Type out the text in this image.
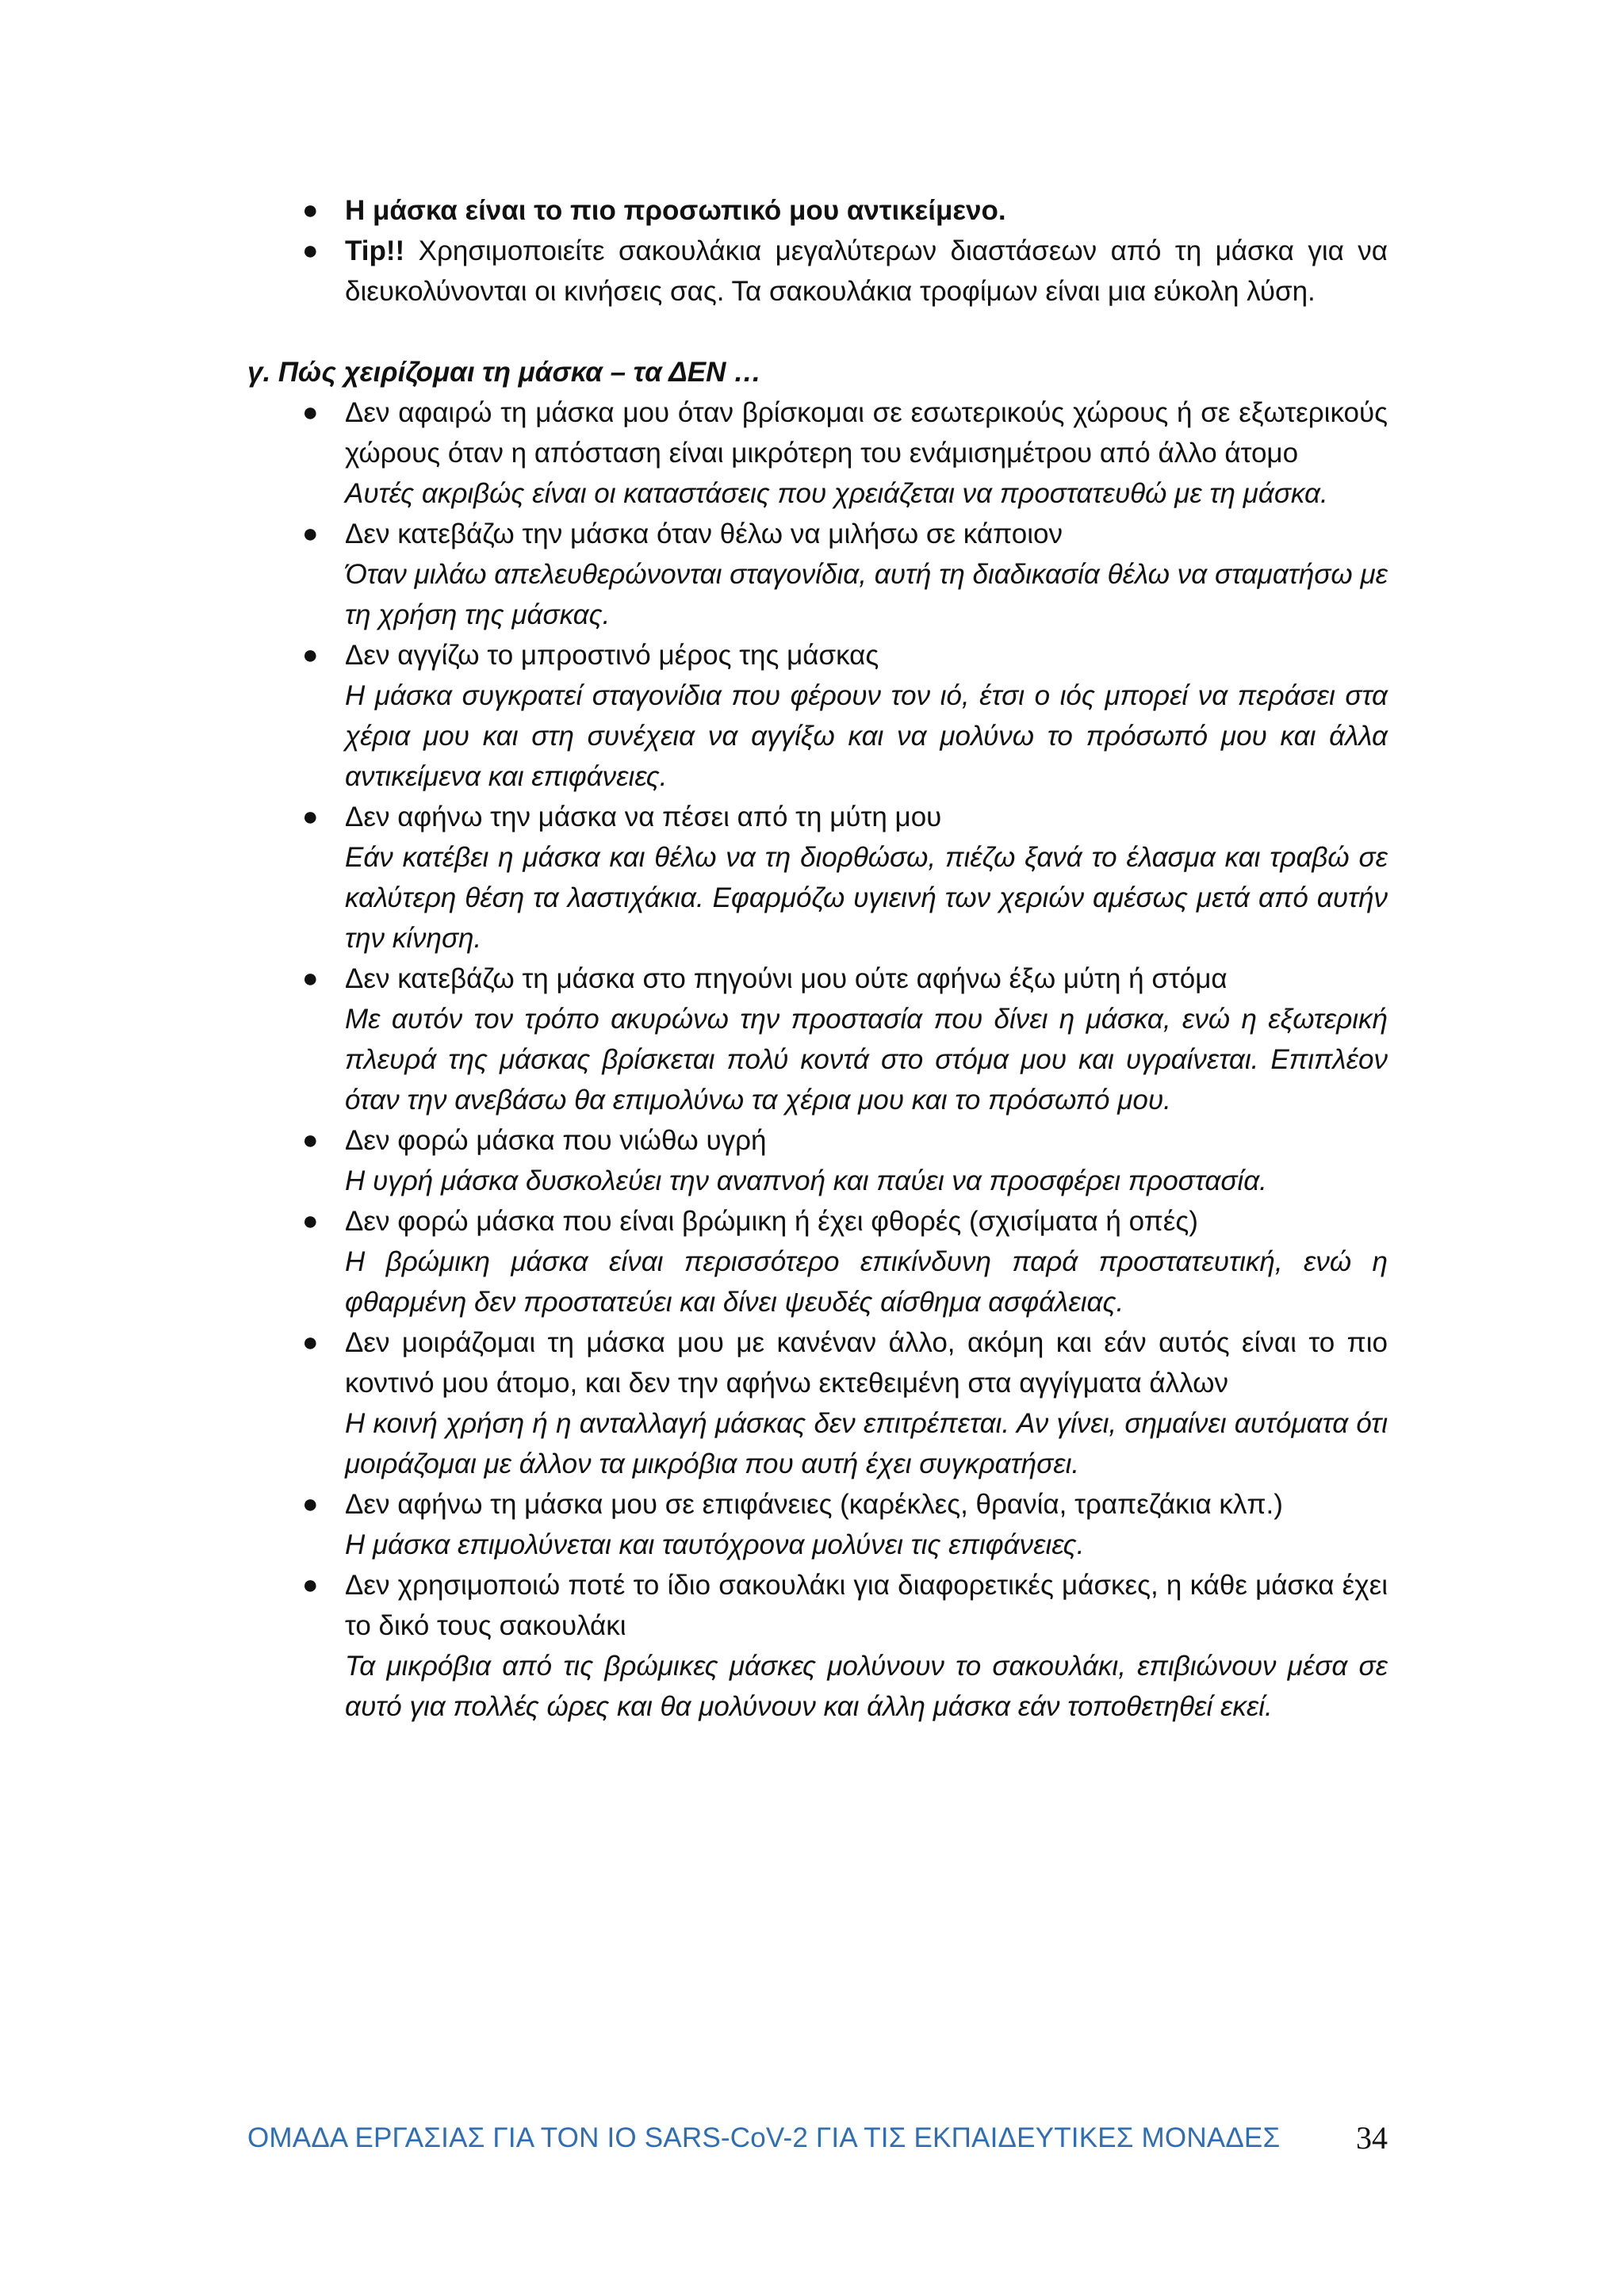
● Η μάσκα είναι το πιο προσωπικό μου αντικείμενο.
● Tip!! Χρησιμοποιείτε σακουλάκια μεγαλύτερων διαστάσεων από τη μάσκα για να διευκολύνονται οι κινήσεις σας. Τα σακουλάκια τροφίμων είναι μια εύκολη λύση.
γ. Πώς χειρίζομαι τη μάσκα – τα ΔΕΝ …
● Δεν αφαιρώ τη μάσκα μου όταν βρίσκομαι σε εσωτερικούς χώρους ή σε εξωτερικούς χώρους όταν η απόσταση είναι μικρότερη του ενάμισημέτρου από άλλο άτομο
Αυτές ακριβώς είναι οι καταστάσεις που χρειάζεται να προστατευθώ με τη μάσκα.
● Δεν κατεβάζω την μάσκα όταν θέλω να μιλήσω σε κάποιον
Όταν μιλάω απελευθερώνονται σταγονίδια, αυτή τη διαδικασία θέλω να σταματήσω με τη χρήση της μάσκας.
● Δεν αγγίζω το μπροστινό μέρος της μάσκας
Η μάσκα συγκρατεί σταγονίδια που φέρουν τον ιό, έτσι ο ιός μπορεί να περάσει στα χέρια μου και στη συνέχεια να αγγίξω και να μολύνω το πρόσωπό μου και άλλα αντικείμενα και επιφάνειες.
● Δεν αφήνω την μάσκα να πέσει από τη μύτη μου
Εάν κατέβει η μάσκα και θέλω να τη διορθώσω, πιέζω ξανά το έλασμα και τραβώ σε καλύτερη θέση τα λαστιχάκια. Εφαρμόζω υγιεινή των χεριών αμέσως μετά από αυτήν την κίνηση.
● Δεν κατεβάζω τη μάσκα στο πηγούνι μου ούτε αφήνω έξω μύτη ή στόμα
Με αυτόν τον τρόπο ακυρώνω την προστασία που δίνει η μάσκα, ενώ η εξωτερική πλευρά της μάσκας βρίσκεται πολύ κοντά στο στόμα μου και υγραίνεται. Επιπλέον όταν την ανεβάσω θα επιμολύνω τα χέρια μου και το πρόσωπό μου.
● Δεν φορώ μάσκα που νιώθω υγρή
Η υγρή μάσκα δυσκολεύει την αναπνοή και παύει να προσφέρει προστασία.
● Δεν φορώ μάσκα που είναι βρώμικη ή έχει φθορές (σχισίματα ή οπές)
Η βρώμικη μάσκα είναι περισσότερο επικίνδυνη παρά προστατευτική, ενώ η φθαρμένη δεν προστατεύει και δίνει ψευδές αίσθημα ασφάλειας.
● Δεν μοιράζομαι τη μάσκα μου με κανέναν άλλο, ακόμη και εάν αυτός είναι το πιο κοντινό μου άτομο, και δεν την αφήνω εκτεθειμένη στα αγγίγματα άλλων
Η κοινή χρήση ή η ανταλλαγή μάσκας δεν επιτρέπεται. Αν γίνει, σημαίνει αυτόματα ότι μοιράζομαι με άλλον τα μικρόβια που αυτή έχει συγκρατήσει.
● Δεν αφήνω τη μάσκα μου σε επιφάνειες (καρέκλες, θρανία, τραπεζάκια κλπ.)
Η μάσκα επιμολύνεται και ταυτόχρονα μολύνει τις επιφάνειες.
● Δεν χρησιμοποιώ ποτέ το ίδιο σακουλάκι για διαφορετικές μάσκες, η κάθε μάσκα έχει το δικό τους σακουλάκι
Τα μικρόβια από τις βρώμικες μάσκες μολύνουν το σακουλάκι, επιβιώνουν μέσα σε αυτό για πολλές ώρες και θα μολύνουν και άλλη μάσκα εάν τοποθετηθεί εκεί.
ΟΜΑΔΑ ΕΡΓΑΣΙΑΣ ΓΙΑ ΤΟΝ ΙΟ SARS-CoV-2 ΓΙΑ ΤΙΣ ΕΚΠΑΙΔΕΥΤΙΚΕΣ ΜΟΝΑΔΕΣ 34
